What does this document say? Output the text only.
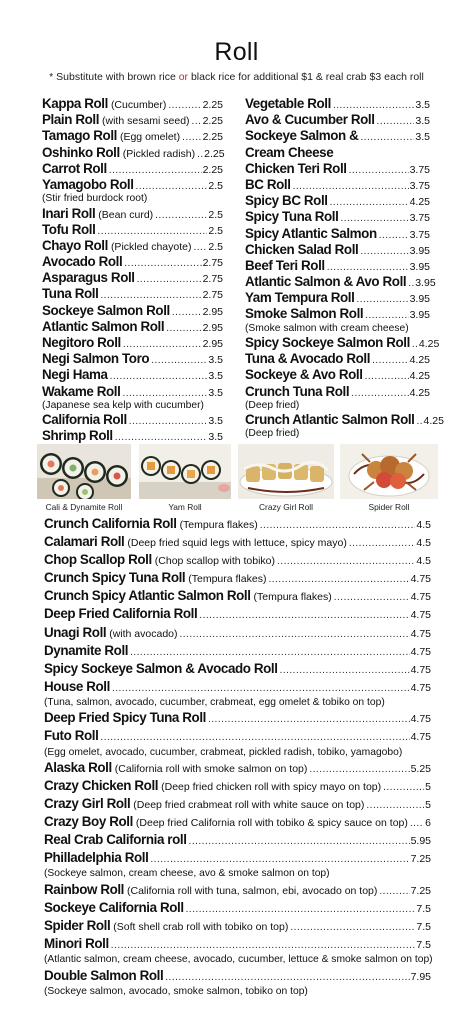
Roll
* Substitute with brown rice or black rice for additional $1 & real crab $3 each roll
Kappa Roll (Cucumber) .....	2.25
Plain Roll (with sesami seed) ..... 2.25
Tamago Roll (Egg omelet) ..... 2.25
Oshinko Roll (Pickled radish) ..... 2.25
Carrot Roll .....	2.25
Yamagobo Roll .....	2.5
(Stir fried burdock root)
Inari Roll (Bean curd) .....	2.5
Tofu Roll .....	2.5
Chayo Roll (Pickled chayote) ..... 2.5
Avocado Roll .....	2.75
Asparagus Roll .....	2.75
Tuna Roll .....	2.75
Sockeye Salmon Roll .....	2.95
Atlantic Salmon Roll .....	2.95
Negitoro Roll .....	2.95
Negi Salmon Toro .....	3.5
Negi Hama .....	3.5
Wakame Roll .....	3.5
(Japanese sea kelp with cucumber)
California Roll .....	3.5
Shrimp Roll .....	3.5
Vegetable Roll .....	3.5
Avo & Cucumber Roll .....	3.5
Sockeye Salmon & .....	3.5
Cream Cheese
Chicken Teri Roll .....	3.75
BC Roll .....	3.75
Spicy BC Roll .....	4.25
Spicy Tuna Roll .....	3.75
Spicy Atlantic Salmon .....	3.75
Chicken Salad Roll .....	3.95
Beef Teri Roll .....	3.95
Atlantic Salmon & Avo Roll ..... 3.95
Yam Tempura Roll .....	3.95
Smoke Salmon Roll .....	3.95
(Smoke salmon with cream cheese)
Spicy Sockeye Salmon Roll ..... 4.25
Tuna & Avocado Roll .....	4.25
Sockeye & Avo Roll .....	4.25
Crunch Tuna Roll .....	4.25
(Deep fried)
Crunch Atlantic Salmon Roll ..... 4.25
(Deep fried)
Cali & Dynamite Roll	Yam Roll	Crazy Girl Roll	Spider Roll
Crunch California Roll (Tempura flakes) .....	4.5
Calamari Roll (Deep fried squid legs with lettuce, spicy mayo) .....	4.5
Chop Scallop Roll (Chop scallop with tobiko) .....	4.5
Crunch Spicy Tuna Roll (Tempura flakes) .....	4.75
Crunch Spicy Atlantic Salmon Roll (Tempura flakes) .....	4.75
Deep Fried California Roll .....	4.75
Unagi Roll (with avocado) .....	4.75
Dynamite Roll .....	4.75
Spicy Sockeye Salmon & Avocado Roll .....	4.75
House Roll .....	4.75
(Tuna, salmon, avocado, cucumber, crabmeat, egg omelet & tobiko on top)
Deep Fried Spicy Tuna Roll .....	4.75
Futo Roll .....	4.75
(Egg omelet, avocado, cucumber, crabmeat, pickled radish, tobiko, yamagobo)
Alaska Roll (California roll with smoke salmon on top) .....	5.25
Crazy Chicken Roll (Deep fried chicken roll with spicy mayo on top) .....	5
Crazy Girl Roll (Deep fried crabmeat roll with white sauce on top) .....	5
Crazy Boy Roll (Deep fried California roll with tobiko & spicy sauce on top) ..... 6
Real Crab California roll .....	5.95
Philladelphia Roll .....	7.25
(Sockeye salmon, cream cheese, avo & smoke salmon on top)
Rainbow Roll (California roll with tuna, salmon, ebi, avocado on top) .....	7.25
Sockeye California Roll .....	7.5
Spider Roll (Soft shell crab roll with tobiko on top) .....	7.5
Minori Roll .....	7.5
(Atlantic salmon, cream cheese, avocado, cucumber, lettuce & smoke salmon on top)
Double Salmon Roll .....	7.95
(Sockeye salmon, avocado, smoke salmon, tobiko on top)
